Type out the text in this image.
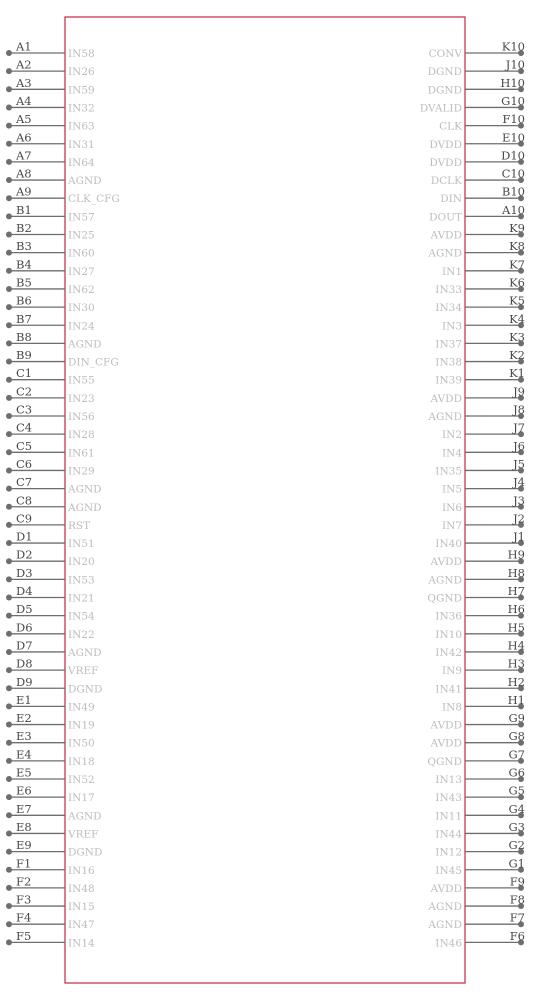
A1
IN58
A2
IN26
A3
IN59
A4
IN32
A5
IN63
A6
IN31
A7
IN64
A8
AGND
A9
CLK_CFG
B1
IN57
B2
IN25
B3
IN60
B4
IN27
B5
IN62
B6
IN30
B7
IN24
B8
AGND
B9
DIN_CFG
C1
IN55
C2
IN23
C3
IN56
C4
IN28
C5
IN61
C6
IN29
C7
AGND
C8
AGND
C9
RST
D1
IN51
D2
IN20
D3
IN53
D4
IN21
D5
IN54
D6
IN22
D7
AGND
D8
VREF
D9
DGND
E1
IN49
E2
IN19
E3
IN50
E4
IN18
E5
IN52
E6
IN17
E7
AGND
E8
VREF
E9
DGND
F1
IN16
F2
IN48
F3
IN15
F4
IN47
F5
IN14
K10
CONV
J10
DGND
H10
DGND
G10
DVALID
F10
CLK
E10
DVDD
D10
DVDD
C10
DCLK
B10
DIN
A10
DOUT
K9
AVDD
K8
AGND
K7
IN1
K6
IN33
K5
IN34
K4
IN3
K3
IN37
K2
IN38
K1
IN39
J9
AVDD
J8
AGND
J7
IN2
J6
IN4
J5
IN35
J4
IN5
J3
IN6
J2
IN7
J1
IN40
H9
AVDD
H8
AGND
H7
QGND
H6
IN36
H5
IN10
H4
IN42
H3
IN9
H2
IN41
H1
IN8
G9
AVDD
G8
AVDD
G7
QGND
G6
IN13
G5
IN43
G4
IN11
G3
IN44
G2
IN12
G1
IN45
F9
AVDD
F8
AGND
F7
AGND
F6
IN46
